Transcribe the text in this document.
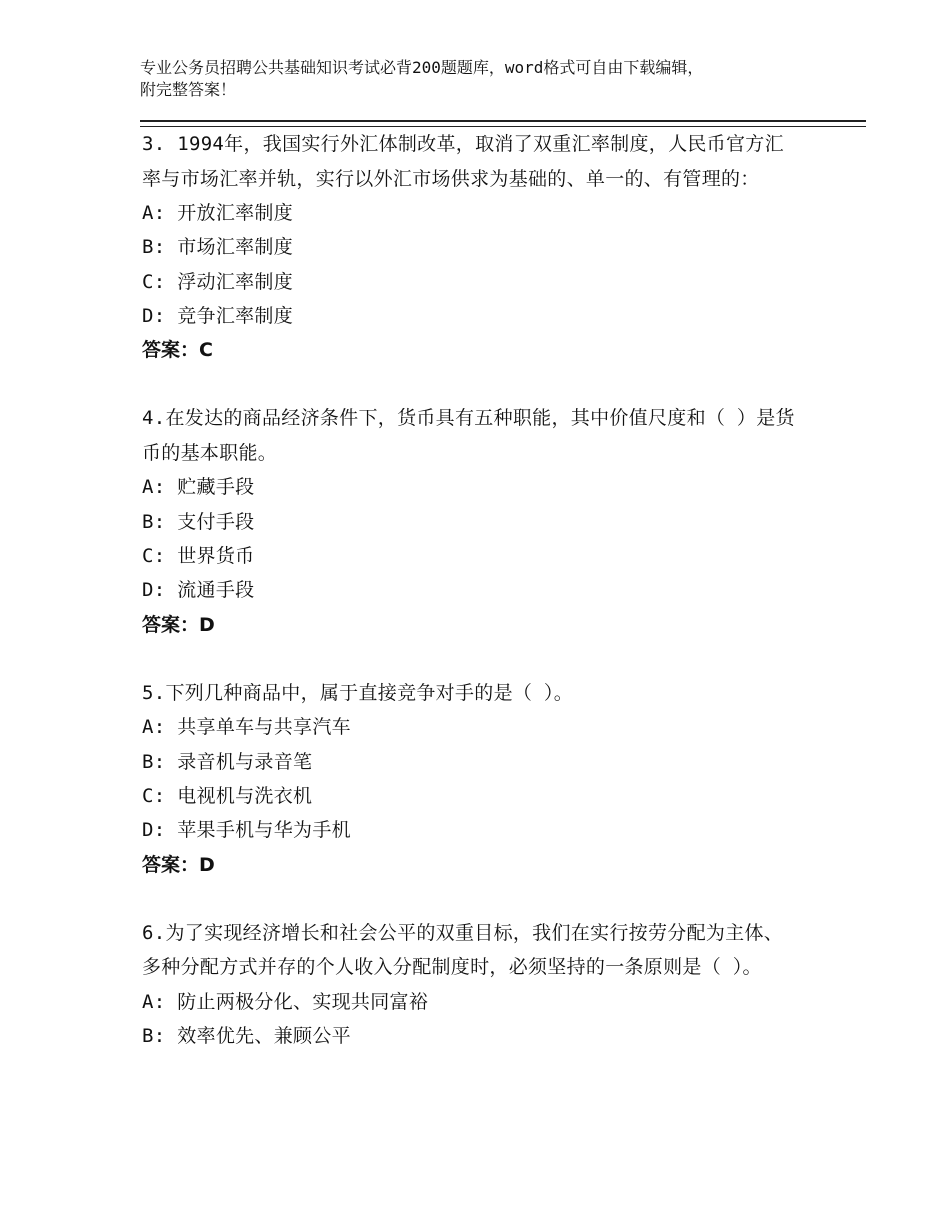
专业公务员招聘公共基础知识考试必背200题题库，word格式可自由下载编辑，
附完整答案！
3. 1994年，我国实行外汇体制改革，取消了双重汇率制度，人民币官方汇率与市场汇率并轨，实行以外汇市场供求为基础的、单一的、有管理的：
A: 开放汇率制度
B: 市场汇率制度
C: 浮动汇率制度
D: 竞争汇率制度
答案：C
4.在发达的商品经济条件下，货币具有五种职能，其中价值尺度和（ ）是货币的基本职能。
A: 贮藏手段
B: 支付手段
C: 世界货币
D: 流通手段
答案：D
5.下列几种商品中，属于直接竞争对手的是（ ）。
A: 共享单车与共享汽车
B: 录音机与录音笔
C: 电视机与洗衣机
D: 苹果手机与华为手机
答案：D
6.为了实现经济增长和社会公平的双重目标，我们在实行按劳分配为主体、多种分配方式并存的个人收入分配制度时，必须坚持的一条原则是（ ）。
A: 防止两极分化、实现共同富裕
B: 效率优先、兼顾公平
